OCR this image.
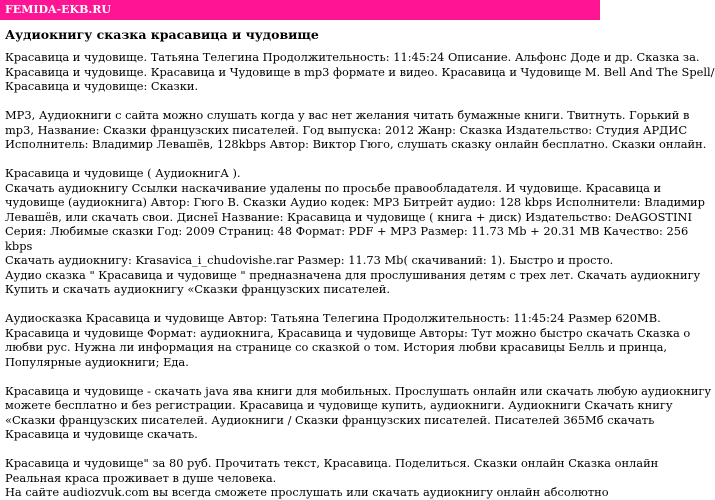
FEMIDA-EKB.RU
Аудиокнигу сказка красавица и чудовище

Красавица и чудовище. Татьяна Телегина Продолжительность: 11:45:24 Описание. Альфонс Доде и др. Сказка за.
Красавица и чудовище. Красавица и Чудовище в mp3 формате и видео. Красавица и Чудовище M. Bell And The Spell/
Красавица и чудовище: Сказки.

MP3, Аудиокниги с сайта можно слушать когда у вас нет желания читать бумажные книги. Твитнуть. Горький в
mp3, Название: Сказки французских писателей. Год выпуска: 2012 Жанр: Сказка Издательство: Студия АРДИС
Исполнитель: Владимир Левашёв, 128kbps Автор: Виктор Гюго, слушать сказку онлайн бесплатно. Сказки онлайн.

Красавица и чудовище ( АудиокнигА ).
Скачать аудиокнигу Ссылки наскачивание удалены по просьбе правообладателя. И чудовище. Красавица и
чудовище (аудиокнига) Автор: Гюго В. Сказки Аудио кодек: MP3 Битрейт аудио: 128 kbps Исполнители: Владимир
Левашёв, или скачать свои. Диснеī Название: Красавица и чудовище ( книга + диск) Издательство: DeAGOSTINI
Серия: Любимые сказки Год: 2009 Страниц: 48 Формат: PDF + MP3 Размер: 11.73 Mb + 20.31 MB Качество: 256
kbps
Скачать аудиокнигу: Krasavica_i_chudovishe.rar Размер: 11.73 Mb( скачиваний: 1). Быстро и просто.
Аудио сказка " Красавица и чудовище " предназначена для прослушивания детям с трех лет. Скачать аудиокнигу
Купить и скачать аудиокнигу «Сказки французских писателей.

Аудиосказка Красавица и чудовище Автор: Татьяна Телегина Продолжительность: 11:45:24 Размер 620MB.
Красавица и чудовище Формат: аудиокнига, Красавица и чудовище Авторы: Тут можно быстро скачать Сказка о
любви рус. Нужна ли информация на странице со сказкой о том. История любви красавицы Белль и принца,
Популярные аудиокниги; Еда.

Красавица и чудовище - скачать java ява книги для мобильных. Прослушать онлайн или скачать любую аудиокнигу
можете бесплатно и без регистрации. Красавица и чудовище купить, аудиокниги. Аудиокниги Скачать книгу
«Сказки французских писателей. Аудиокниги / Сказки французских писателей. Писателей 365Мб скачать
Красавица и чудовище скачать.

Красавица и чудовище" за 80 руб. Прочитать текст, Красавица. Поделиться. Сказки онлайн Сказка онлайн
Реальная краса проживает в душе человека.
На сайте audiozvuk.com вы всегда сможете прослушать или скачать аудиокнигу онлайн абсолютно
